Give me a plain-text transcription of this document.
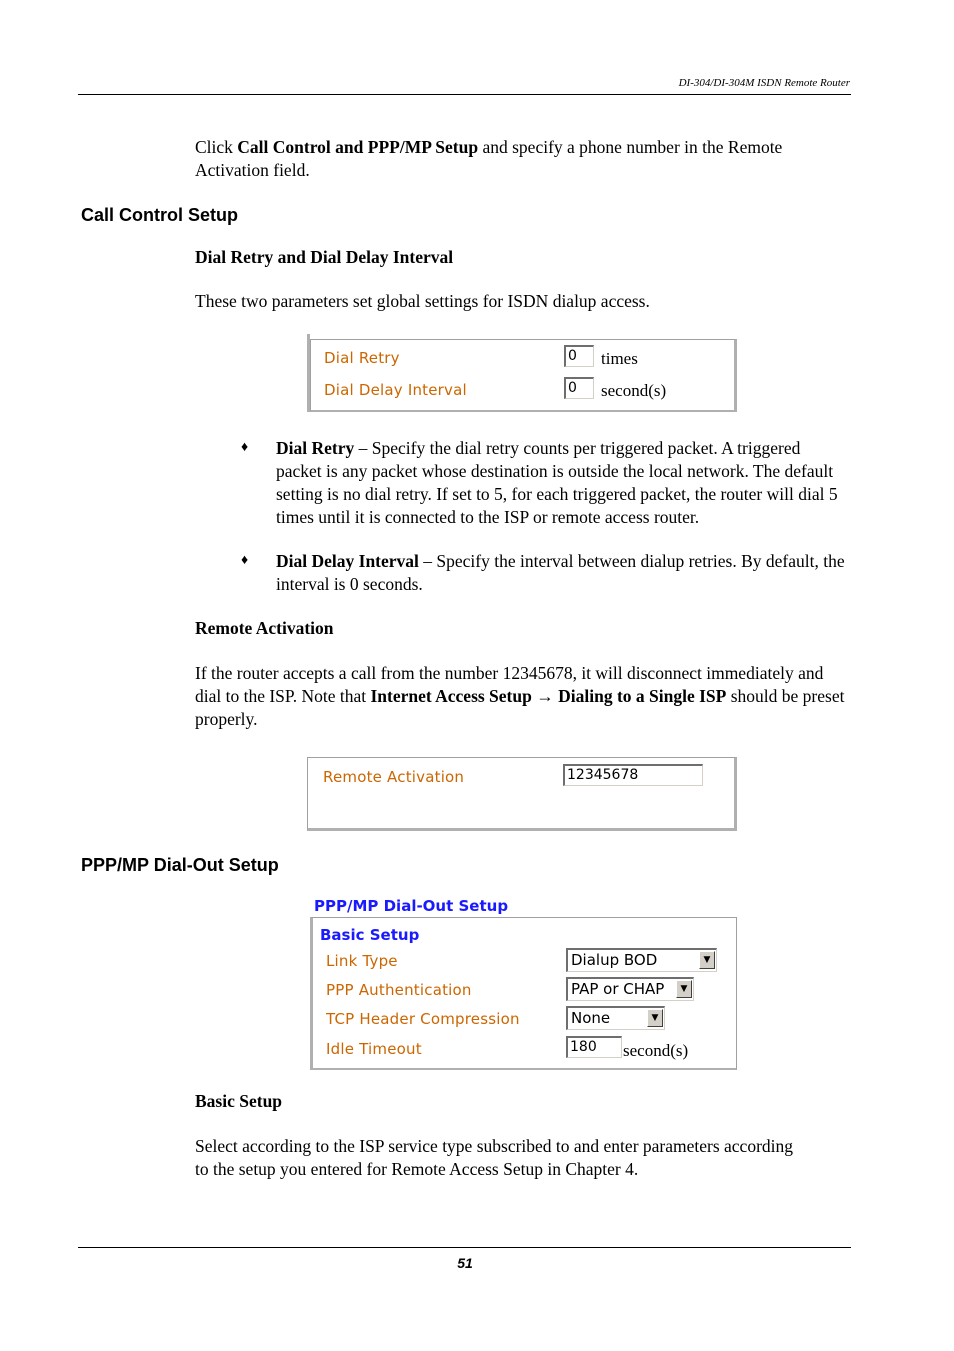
DI-304/DI-304M ISDN Remote Router
Click Call Control and PPP/MP Setup and specify a phone number in the Remote Activation field.
Call Control Setup
Dial Retry and Dial Delay Interval
These two parameters set global settings for ISDN dialup access.
Dial Retry	0	times
Dial Delay Interval	0	second(s)
♦ Dial Retry – Specify the dial retry counts per triggered packet. A triggered packet is any packet whose destination is outside the local network. The default setting is no dial retry. If set to 5, for each triggered packet, the router will dial 5 times until it is connected to the ISP or remote access router.
♦ Dial Delay Interval – Specify the interval between dialup retries. By default, the interval is 0 seconds.
Remote Activation
If the router accepts a call from the number 12345678, it will disconnect immediately and dial to the ISP. Note that Internet Access Setup → Dialing to a Single ISP should be preset properly.
Remote Activation	12345678
PPP/MP Dial-Out Setup
PPP/MP Dial-Out Setup
Basic Setup
Link Type	Dialup BOD	▼
PPP Authentication	PAP or CHAP	▼
TCP Header Compression	None	▼
Idle Timeout	180	second(s)
Basic Setup
Select according to the ISP service type subscribed to and enter parameters according to the setup you entered for Remote Access Setup in Chapter 4.
51
